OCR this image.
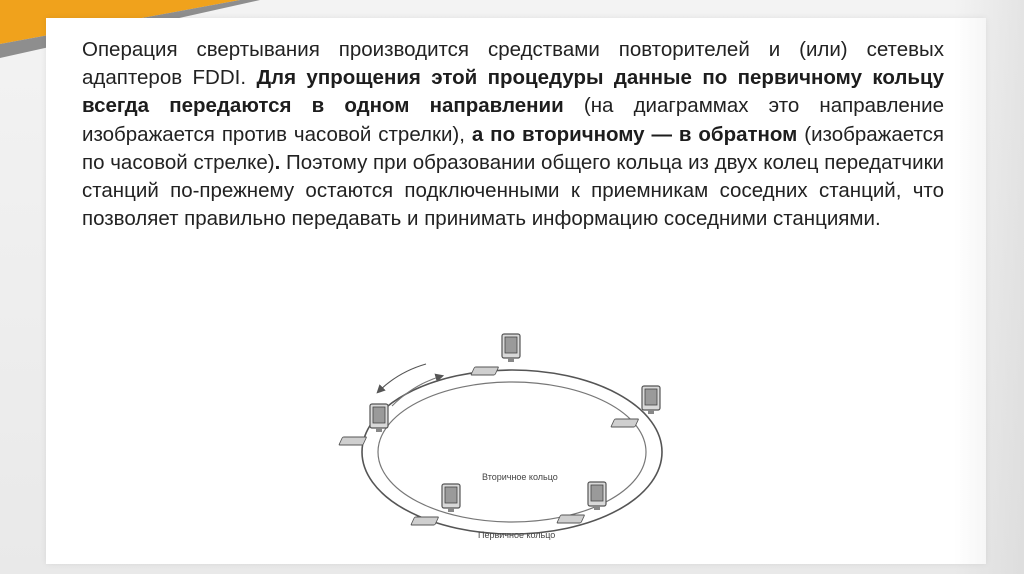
Операция свертывания производится средствами повторителей и (или) сетевых адаптеров FDDI. Для упрощения этой процедуры данные по первичному кольцу всегда передаются в одном направлении (на диаграммах это направление изображается против часовой стрелки), а по вторичному — в обратном (изображается по часовой стрелке). Поэтому при образовании общего кольца из двух колец передатчики станций по-прежнему остаются подключенными к приемникам соседних станций, что позволяет правильно передавать и принимать информацию соседними станциями.

Вторичное кольцо
Первичное кольцо
